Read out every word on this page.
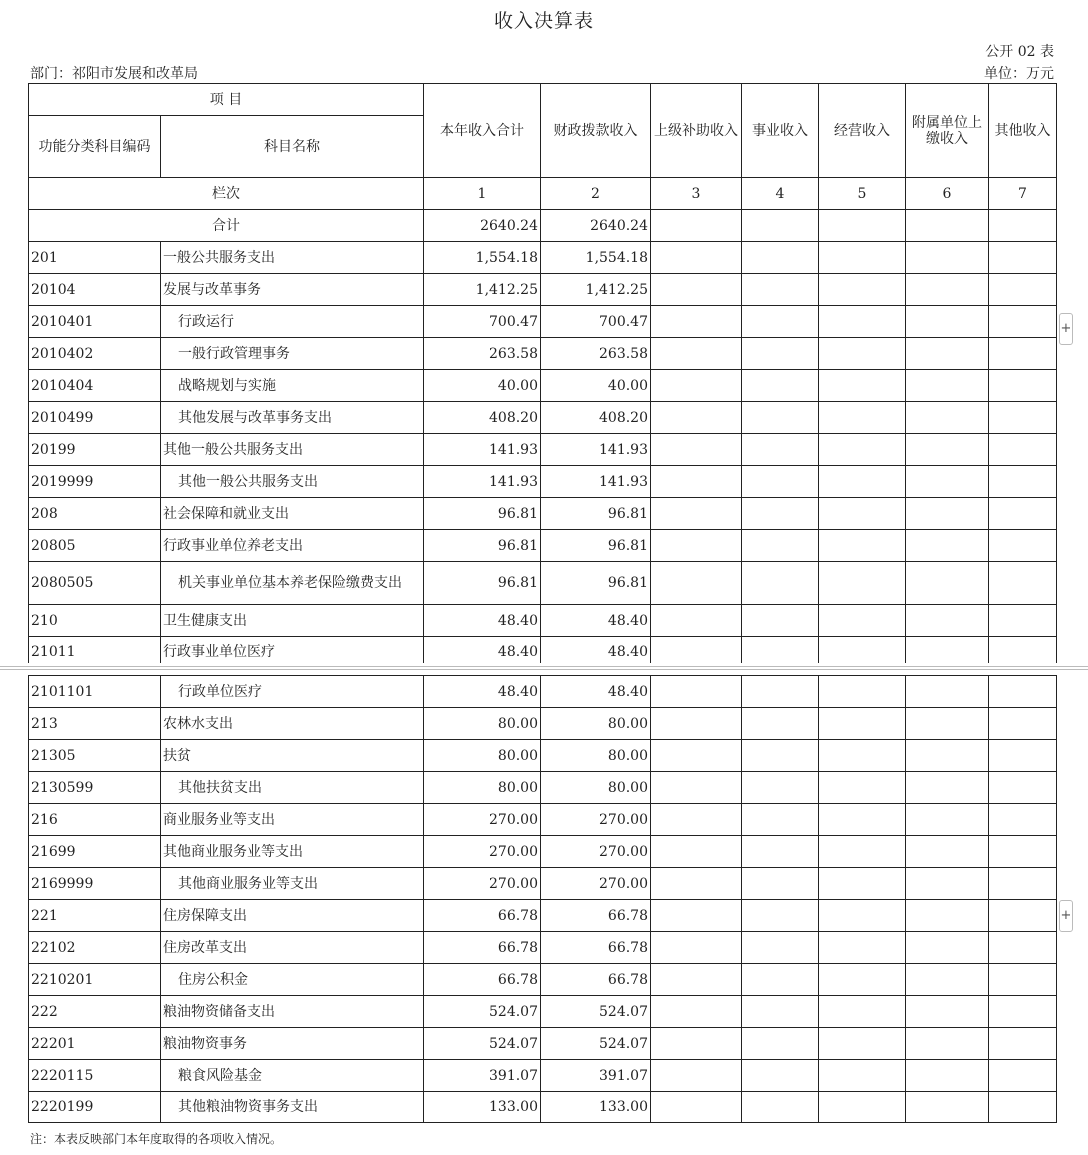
收入决算表
公开 02 表
部门：祁阳市发展和改革局	单位：万元
项 目		本年收入合计	财政拨款收入	上级补助收入	事业收入	经营收入	附属单位上缴收入	其他收入
功能分类科目编码	科目名称							
栏次		1	2	3	4	5	6	7
合计		2640.24	2640.24					
201	一般公共服务支出	1,554.18	1,554.18					
20104	发展与改革事务	1,412.25	1,412.25					
2010401	行政运行	700.47	700.47					
2010402	一般行政管理事务	263.58	263.58					
2010404	战略规划与实施	40.00	40.00					
2010499	其他发展与改革事务支出	408.20	408.20					
20199	其他一般公共服务支出	141.93	141.93					
2019999	其他一般公共服务支出	141.93	141.93					
208	社会保障和就业支出	96.81	96.81					
20805	行政事业单位养老支出	96.81	96.81					
2080505	机关事业单位基本养老保险缴费支出	96.81	96.81					
210	卫生健康支出	48.40	48.40					
21011	行政事业单位医疗	48.40	48.40					
2101101	行政单位医疗	48.40	48.40					
213	农林水支出	80.00	80.00					
21305	扶贫	80.00	80.00					
2130599	其他扶贫支出	80.00	80.00					
216	商业服务业等支出	270.00	270.00					
21699	其他商业服务业等支出	270.00	270.00					
2169999	其他商业服务业等支出	270.00	270.00					
221	住房保障支出	66.78	66.78					
22102	住房改革支出	66.78	66.78					
2210201	住房公积金	66.78	66.78					
222	粮油物资储备支出	524.07	524.07					
22201	粮油物资事务	524.07	524.07					
2220115	粮食风险基金	391.07	391.07					
2220199	其他粮油物资事务支出	133.00	133.00					
+
+
注：本表反映部门本年度取得的各项收入情况。
